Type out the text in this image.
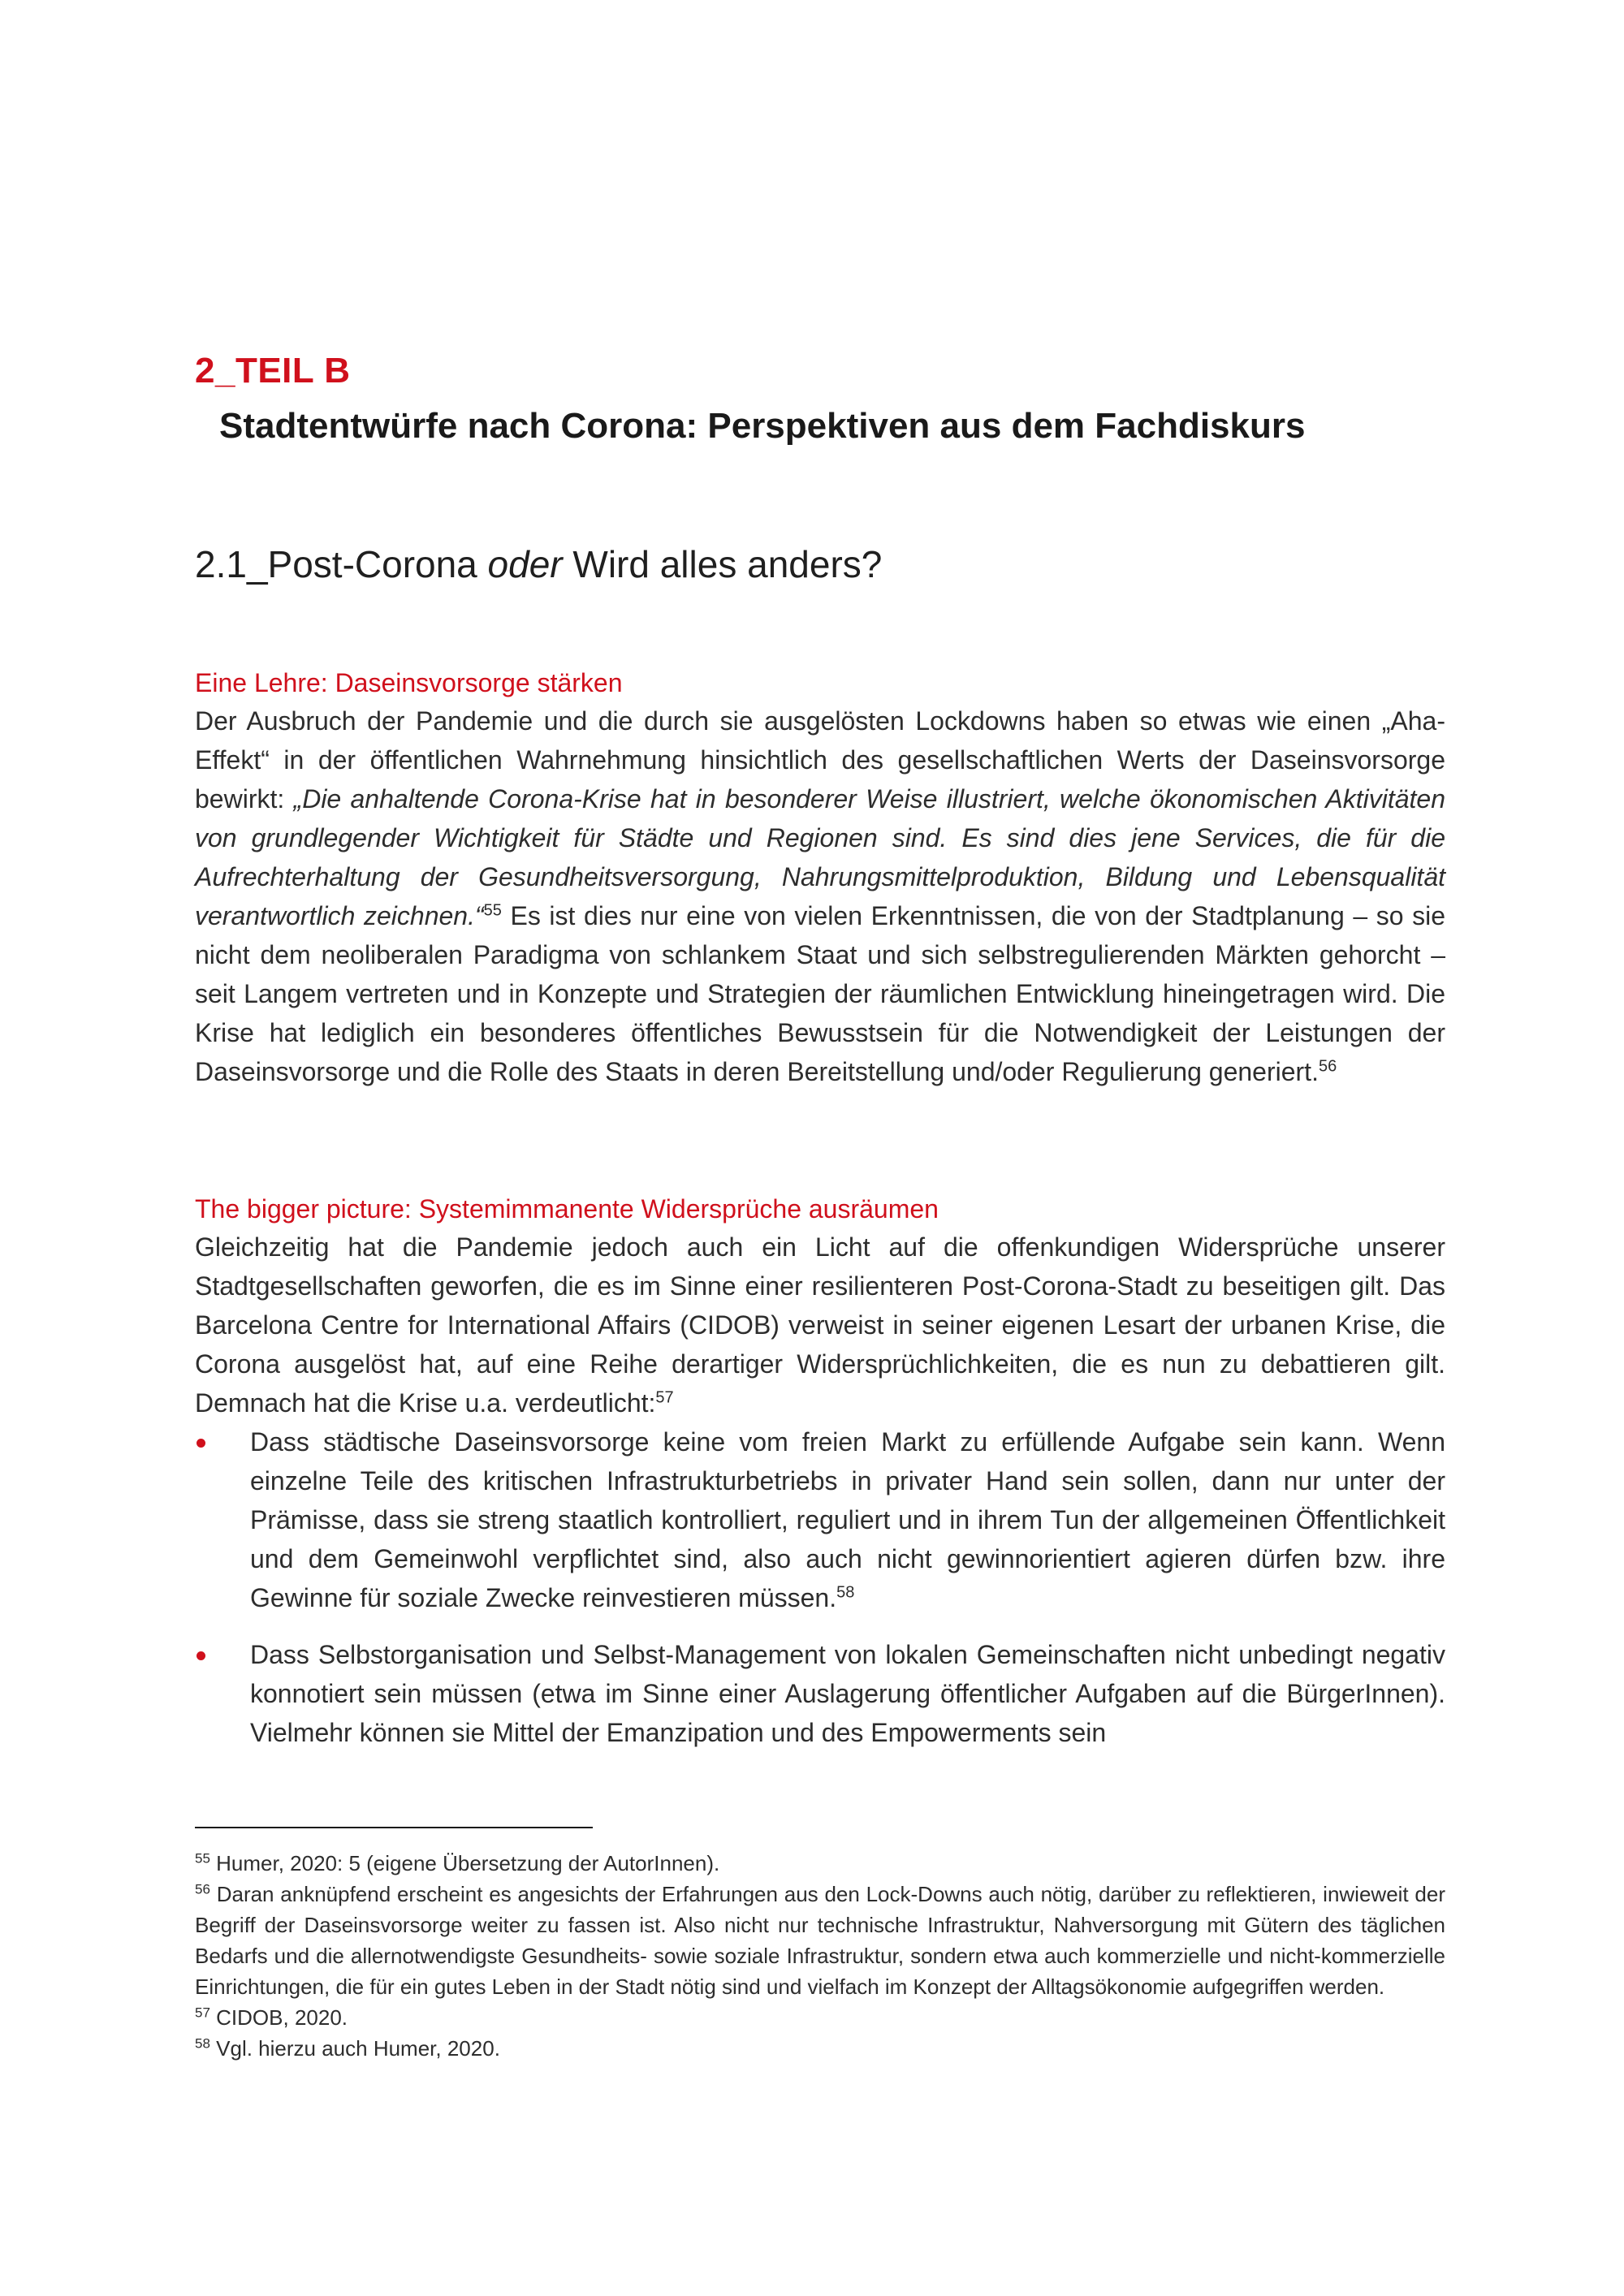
2_TEIL B
Stadtentwürfe nach Corona: Perspektiven aus dem Fachdiskurs
2.1_Post-Corona oder Wird alles anders?

Eine Lehre: Daseinsvorsorge stärken

Der Ausbruch der Pandemie und die durch sie ausgelösten Lockdowns haben so etwas wie einen „Aha-Effekt“ in der öffentlichen Wahrnehmung hinsichtlich des gesellschaftlichen Werts der Daseinsvorsorge bewirkt: „Die anhaltende Corona-Krise hat in besonderer Weise illustriert, welche ökonomischen Aktivitäten von grundlegender Wichtigkeit für Städte und Regionen sind. Es sind dies jene Services, die für die Aufrechterhaltung der Gesundheitsversorgung, Nahrungsmittelproduktion, Bildung und Lebensqualität verantwortlich zeichnen.“$^{55}$ Es ist dies nur eine von vielen Erkenntnissen, die von der Stadtplanung – so sie nicht dem neoliberalen Paradigma von schlankem Staat und sich selbstregulierenden Märkten gehorcht – seit Langem vertreten und in Konzepte und Strategien der räumlichen Entwicklung hineingetragen wird. Die Krise hat lediglich ein besonderes öffentliches Bewusstsein für die Notwendigkeit der Leistungen der Daseinsvorsorge und die Rolle des Staats in deren Bereitstellung und/oder Regulierung generiert.$^{56}$

The bigger picture: Systemimmanente Widersprüche ausräumen

Gleichzeitig hat die Pandemie jedoch auch ein Licht auf die offenkundigen Widersprüche unserer Stadtgesellschaften geworfen, die es im Sinne einer resilienteren Post-Corona-Stadt zu beseitigen gilt. Das Barcelona Centre for International Affairs (CIDOB) verweist in seiner eigenen Lesart der urbanen Krise, die Corona ausgelöst hat, auf eine Reihe derartiger Widersprüchlichkeiten, die es nun zu debattieren gilt. Demnach hat die Krise u.a. verdeutlicht:$^{57}$

Dass städtische Daseinsvorsorge keine vom freien Markt zu erfüllende Aufgabe sein kann. Wenn einzelne Teile des kritischen Infrastrukturbetriebs in privater Hand sein sollen, dann nur unter der Prämisse, dass sie streng staatlich kontrolliert, reguliert und in ihrem Tun der allgemeinen Öffentlichkeit und dem Gemeinwohl verpflichtet sind, also auch nicht gewinnorientiert agieren dürfen bzw. ihre Gewinne für soziale Zwecke reinvestieren müssen.$^{58}$
Dass Selbstorganisation und Selbst-Management von lokalen Gemeinschaften nicht unbedingt negativ konnotiert sein müssen (etwa im Sinne einer Auslagerung öffentlicher Aufgaben auf die BürgerInnen). Vielmehr können sie Mittel der Emanzipation und des Empowerments sein

$^{55}$ Humer, 2020: 5 (eigene Übersetzung der AutorInnen).

$^{56}$ Daran anknüpfend erscheint es angesichts der Erfahrungen aus den Lock-Downs auch nötig, darüber zu reflektieren, inwieweit der Begriff der Daseinsvorsorge weiter zu fassen ist. Also nicht nur technische Infrastruktur, Nahversorgung mit Gütern des täglichen Bedarfs und die allernotwendigste Gesundheits- sowie soziale Infrastruktur, sondern etwa auch kommerzielle und nicht-kommerzielle Einrichtungen, die für ein gutes Leben in der Stadt nötig sind und vielfach im Konzept der Alltagsökonomie aufgegriffen werden.

$^{57}$ CIDOB, 2020.

$^{58}$ Vgl. hierzu auch Humer, 2020.
